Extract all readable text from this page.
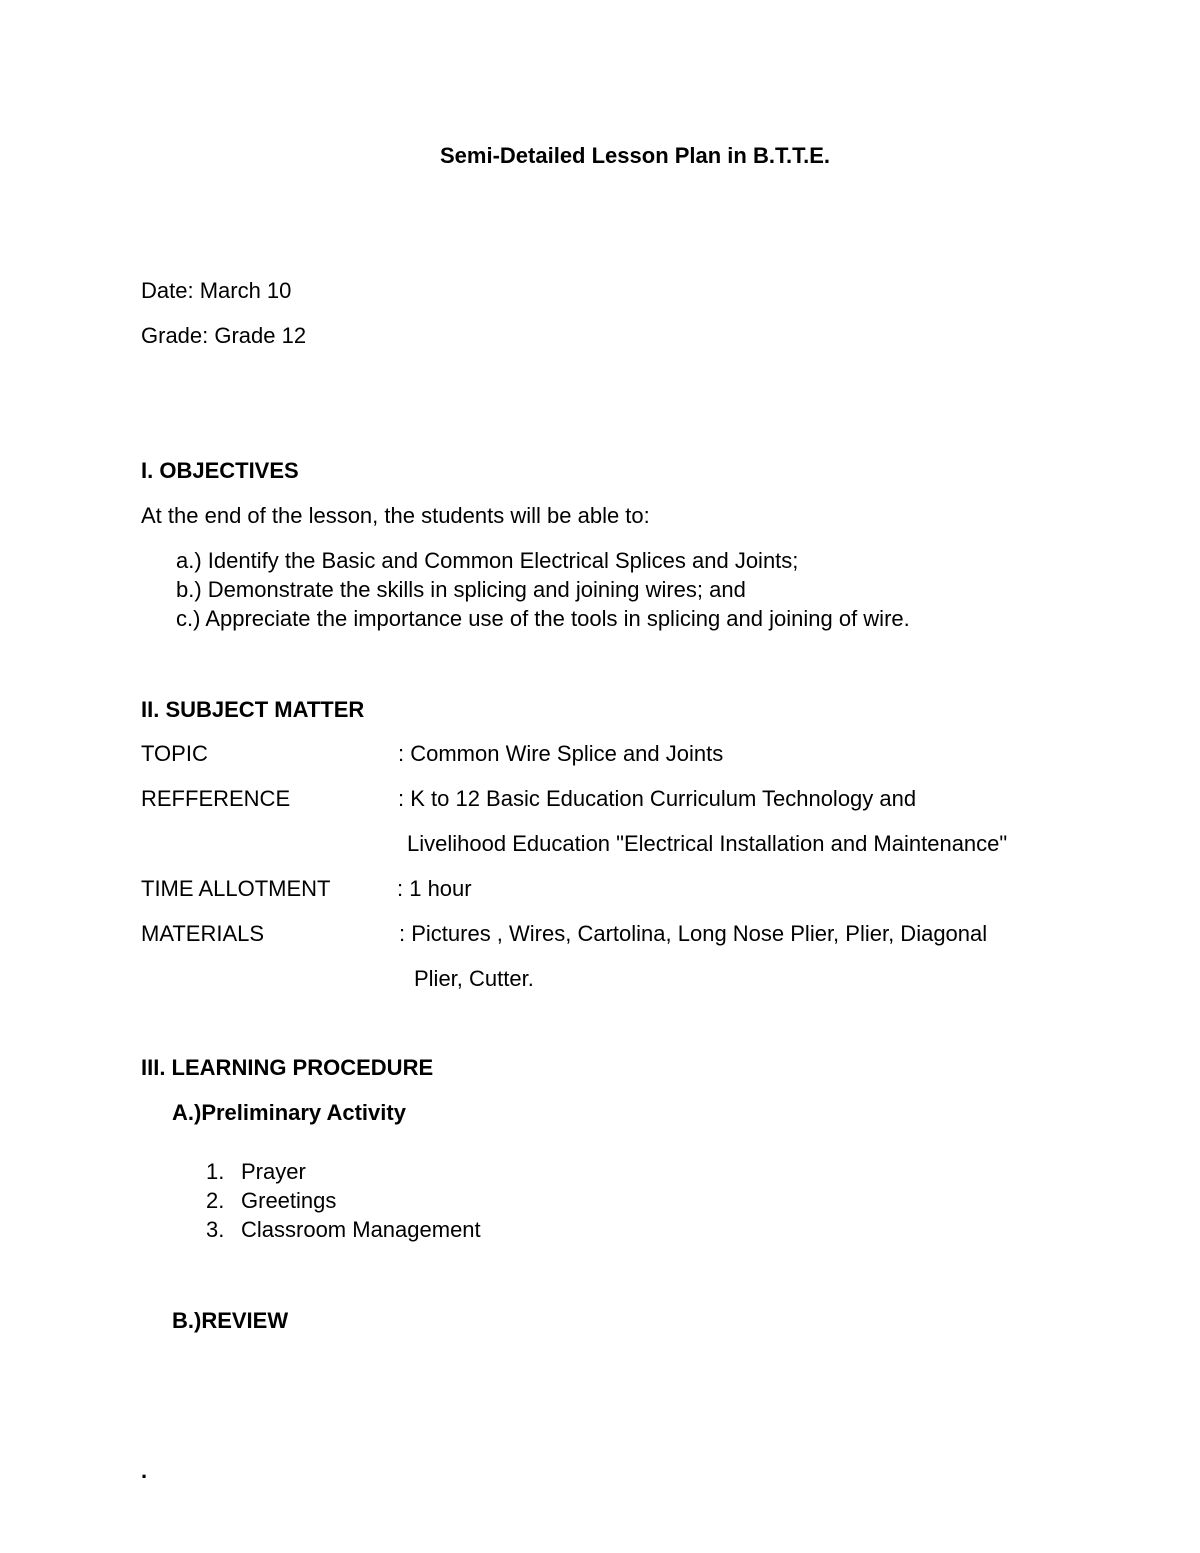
Semi-Detailed Lesson Plan in B.T.T.E.
Date: March 10
Grade: Grade 12
I. OBJECTIVES
At the end of the lesson, the students will be able to:
a.) Identify the Basic and Common Electrical Splices and Joints;
b.) Demonstrate the skills in splicing and joining wires; and
c.) Appreciate the importance use of the tools in splicing and joining of wire.
II. SUBJECT MATTER
TOPIC	: Common Wire Splice and Joints
REFFERENCE	: K to 12 Basic Education Curriculum Technology and
Livelihood Education "Electrical Installation and Maintenance"
TIME ALLOTMENT	: 1 hour
MATERIALS	: Pictures , Wires, Cartolina, Long Nose Plier, Plier, Diagonal
Plier, Cutter.
III. LEARNING PROCEDURE
A.)Preliminary Activity
1. Prayer
2. Greetings
3. Classroom Management
B.)REVIEW
.
